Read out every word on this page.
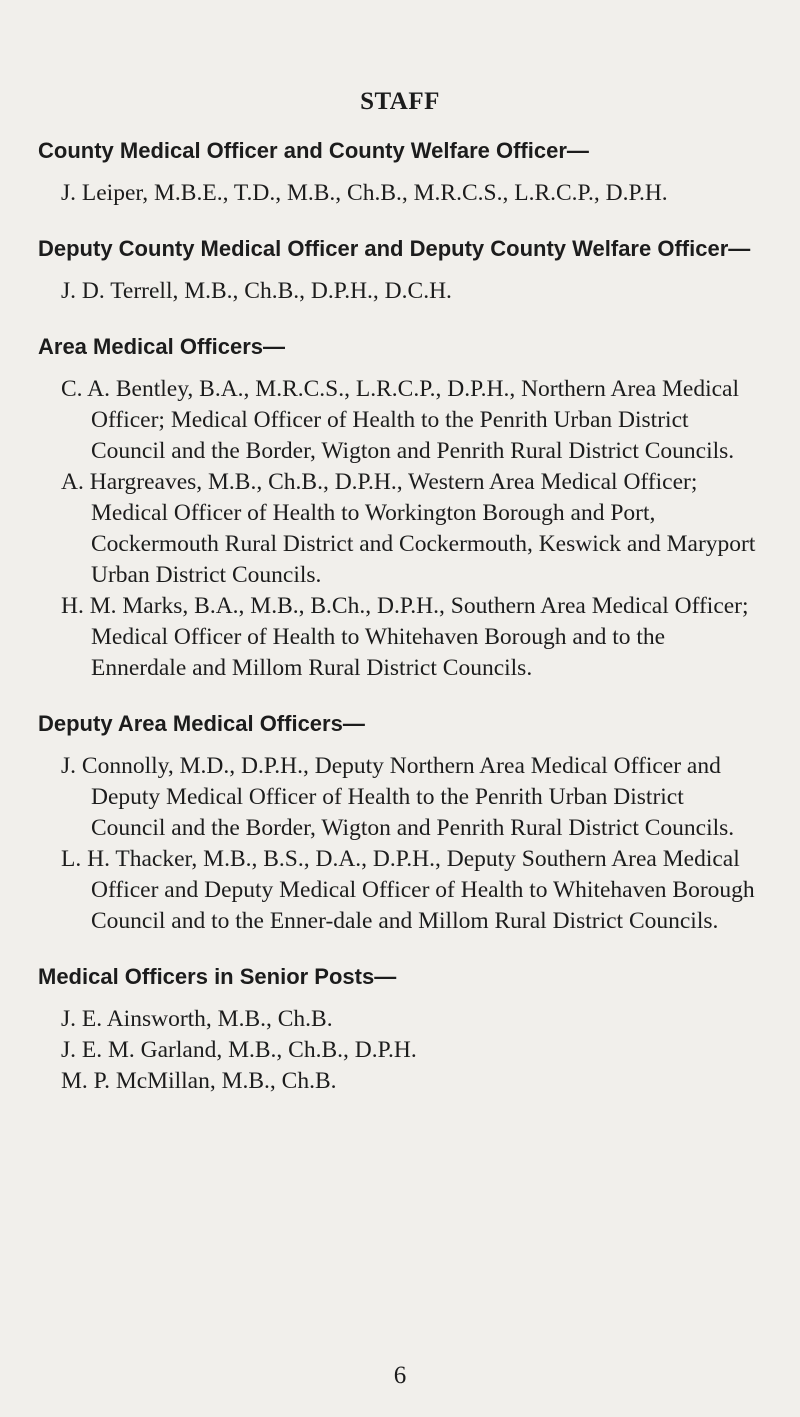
STAFF
County Medical Officer and County Welfare Officer—
J. Leiper, M.B.E., T.D., M.B., Ch.B., M.R.C.S., L.R.C.P., D.P.H.
Deputy County Medical Officer and Deputy County Welfare Officer—
J. D. Terrell, M.B., Ch.B., D.P.H., D.C.H.
Area Medical Officers—
C. A. Bentley, B.A., M.R.C.S., L.R.C.P., D.P.H., Northern Area Medical Officer; Medical Officer of Health to the Penrith Urban District Council and the Border, Wigton and Penrith Rural District Councils.
A. Hargreaves, M.B., Ch.B., D.P.H., Western Area Medical Officer; Medical Officer of Health to Workington Borough and Port, Cockermouth Rural District and Cockermouth, Keswick and Maryport Urban District Councils.
H. M. Marks, B.A., M.B., B.Ch., D.P.H., Southern Area Medical Officer; Medical Officer of Health to Whitehaven Borough and to the Ennerdale and Millom Rural District Councils.
Deputy Area Medical Officers—
J. Connolly, M.D., D.P.H., Deputy Northern Area Medical Officer and Deputy Medical Officer of Health to the Penrith Urban District Council and the Border, Wigton and Penrith Rural District Councils.
L. H. Thacker, M.B., B.S., D.A., D.P.H., Deputy Southern Area Medical Officer and Deputy Medical Officer of Health to Whitehaven Borough Council and to the Enner-dale and Millom Rural District Councils.
Medical Officers in Senior Posts—
J. E. Ainsworth, M.B., Ch.B.
J. E. M. Garland, M.B., Ch.B., D.P.H.
M. P. McMillan, M.B., Ch.B.
6
